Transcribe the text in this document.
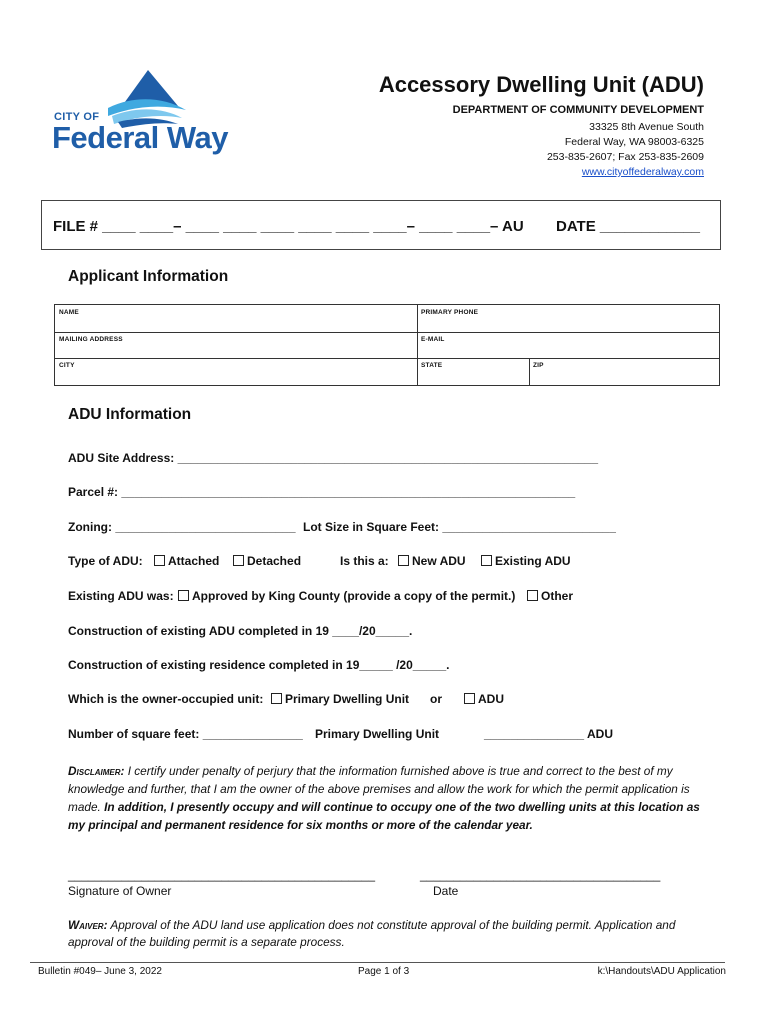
CITY OF
Federal Way
Accessory Dwelling Unit (ADU)
DEPARTMENT OF COMMUNITY DEVELOPMENT
33325 8th Avenue South
Federal Way, WA 98003-6325
253-835-2607; Fax 253-835-2609
www.cityoffederalway.com
FILE # ____ ____– ____ ____ ____ ____ ____ ____– ____ ____– AU DATE ____________
Applicant Information
NAME	PRIMARY PHONE
MAILING ADDRESS	E-MAIL
CITY	STATE	ZIP
ADU Information
ADU Site Address: _______________________________________________________________
Parcel #: ____________________________________________________________________
Zoning: ___________________________ Lot Size in Square Feet: __________________________
Type of ADU:	Attached	Detached	Is this a:	New ADU	Existing ADU
Existing ADU was:	Approved by King County (provide a copy of the permit.)	Other
Construction of existing ADU completed in 19 ____/20_____.
Construction of existing residence completed in 19_____ /20_____.
Which is the owner-occupied unit:	Primary Dwelling Unit or	ADU
Number of square feet: _______________ Primary Dwelling Unit	_______________ ADU
Disclaimer: I certify under penalty of perjury that the information furnished above is true and correct to the best of my knowledge and further, that I am the owner of the above premises and allow the work for which the permit application is made. In addition, I presently occupy and will continue to occupy one of the two dwelling units at this location as my principal and permanent residence for six months or more of the calendar year.
______________________________________________
Signature of Owner
____________________________________
Date
Waiver: Approval of the ADU land use application does not constitute approval of the building permit. Application and approval of the building permit is a separate process.
Bulletin #049– June 3, 2022	Page 1 of 3	k:\Handouts\ADU Application
